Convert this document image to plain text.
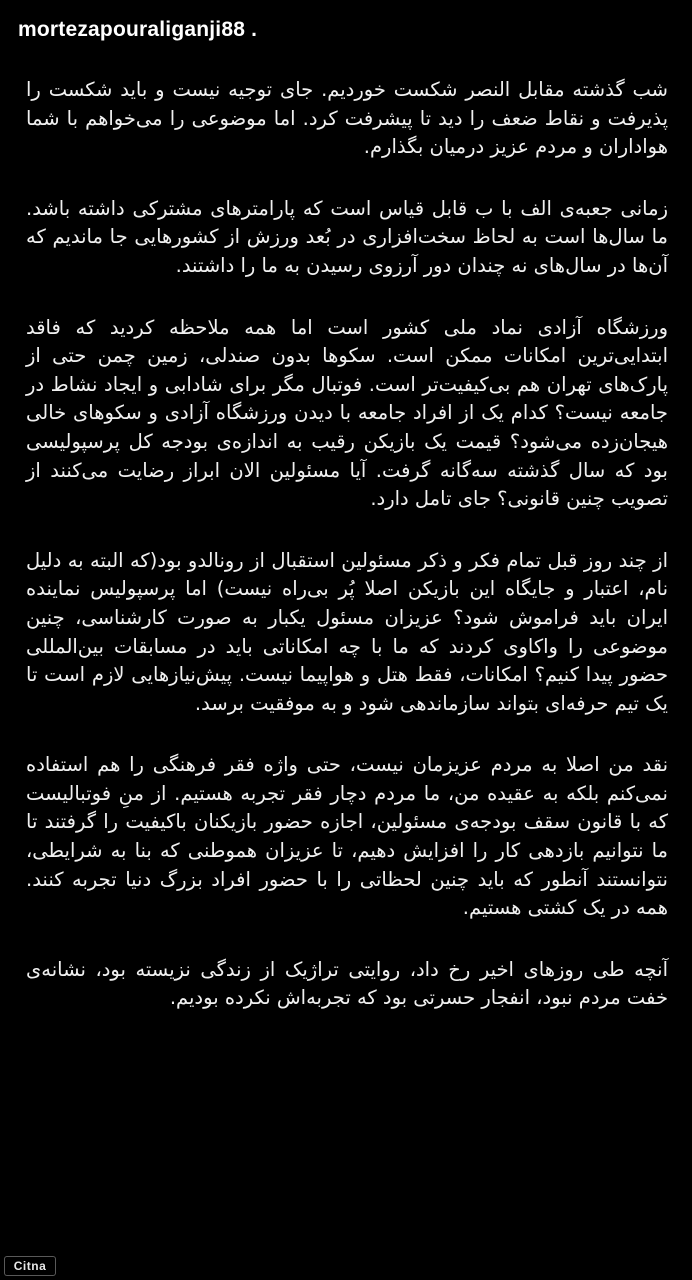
mortezapouraliganji88 .

شب گذشته مقابل النصر شکست خوردیم. جای توجیه نیست و باید شکست را پذیرفت و نقاط ضعف را دید تا پیشرفت کرد. اما موضوعی را می‌خواهم با شما هواداران و مردم عزیز درمیان بگذارم.

زمانی جعبه‌ی الف با ب قابل قیاس است که پارامترهای مشترکی داشته باشد. ما سال‌ها است به لحاظ سخت‌افزاری در بُعد ورزش از کشورهایی جا ماندیم که آن‌ها در سال‌های نه چندان دور آرزوی رسیدن به ما را داشتند.

ورزشگاه آزادی نماد ملی کشور است اما همه ملاحظه کردید که فاقد ابتدایی‌ترین امکانات ممکن است. سکوها بدون صندلی، زمین چمن حتی از پارک‌های تهران هم بی‌کیفیت‌تر است. فوتبال مگر برای شادابی و ایجاد نشاط در جامعه نیست؟ کدام یک از افراد جامعه با دیدن ورزشگاه آزادی و سکوهای خالی هیجان‌زده می‌شود؟ قیمت یک بازیکن رقیب به اندازه‌ی بودجه کل پرسپولیسی بود که سال گذشته سه‌گانه گرفت. آیا مسئولین الان ابراز رضایت می‌کنند از تصویب چنین قانونی؟ جای تامل دارد.

از چند روز قبل تمام فکر و ذکر مسئولین استقبال از رونالدو بود(که البته به دلیل نام، اعتبار و جایگاه این بازیکن اصلا پُر بی‌راه نیست) اما پرسپولیس نماینده ایران باید فراموش شود؟ عزیزان مسئول یکبار به صورت کارشناسی، چنین موضوعی را واکاوی کردند که ما با چه امکاناتی باید در مسابقات بین‌المللی حضور پیدا کنیم؟ امکانات، فقط هتل و هواپیما نیست. پیش‌نیازهایی لازم است تا یک تیم حرفه‌ای بتواند سازماندهی شود و به موفقیت برسد.

نقد من اصلا به مردم عزیزمان نیست، حتی واژه فقر فرهنگی را هم استفاده نمی‌کنم بلکه به عقیده من، ما مردم دچار فقر تجربه هستیم. از منِ فوتبالیست که با قانون سقف بودجه‌ی مسئولین، اجازه حضور بازیکنان باکیفیت را گرفتند تا ما نتوانیم بازدهی کار را افزایش دهیم، تا عزیزان هموطنی که بنا به شرایطی، نتوانستند آنطور که باید چنین لحظاتی را با حضور افراد بزرگ دنیا تجربه کنند. همه در یک کشتی هستیم.

آنچه طی روزهای اخیر رخ داد، روایتی تراژیک از زندگی نزیسته بود، نشانه‌ی خفت مردم نبود، انفجار حسرتی بود که تجربه‌اش نکرده بودیم.

Citna
